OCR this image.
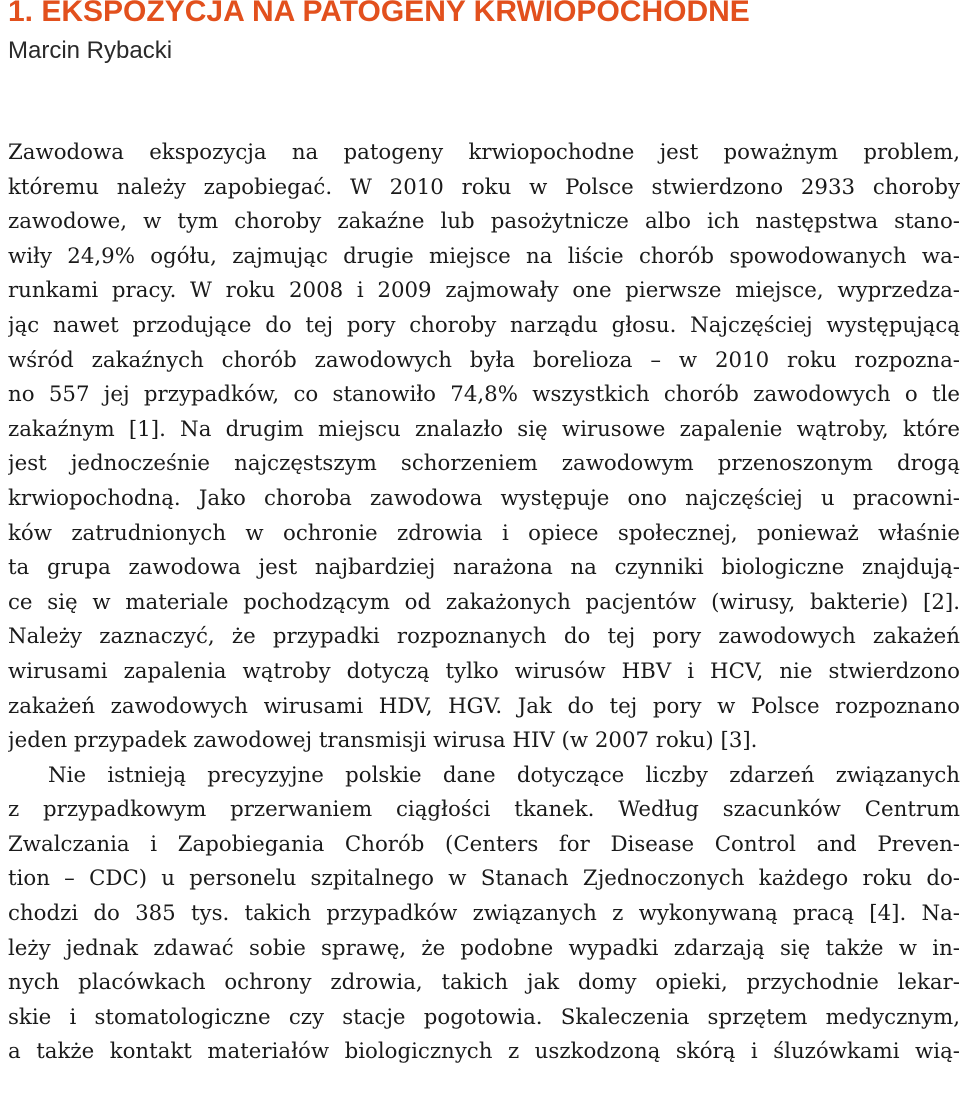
1. EKSPOZYCJA NA PATOGENY KRWIOPOCHODNE
Marcin Rybacki
Zawodowa ekspozycja na patogeny krwiopochodne jest poważnym problem,
któremu należy zapobiegać. W 2010 roku w Polsce stwierdzono 2933 choroby
zawodowe, w tym choroby zakaźne lub pasożytnicze albo ich następstwa stano-
wiły 24,9% ogółu, zajmując drugie miejsce na liście chorób spowodowanych wa-
runkami pracy. W roku 2008 i 2009 zajmowały one pierwsze miejsce, wyprzedza-
jąc nawet przodujące do tej pory choroby narządu głosu. Najczęściej występującą
wśród zakaźnych chorób zawodowych była borelioza – w 2010 roku rozpozna-
no 557 jej przypadków, co stanowiło 74,8% wszystkich chorób zawodowych o tle
zakaźnym [1]. Na drugim miejscu znalazło się wirusowe zapalenie wątroby, które
jest jednocześnie najczęstszym schorzeniem zawodowym przenoszonym drogą
krwiopochodną. Jako choroba zawodowa występuje ono najczęściej u pracowni-
ków zatrudnionych w ochronie zdrowia i opiece społecznej, ponieważ właśnie
ta grupa zawodowa jest najbardziej narażona na czynniki biologiczne znajdują-
ce się w materiale pochodzącym od zakażonych pacjentów (wirusy, bakterie) [2].
Należy zaznaczyć, że przypadki rozpoznanych do tej pory zawodowych zakażeń
wirusami zapalenia wątroby dotyczą tylko wirusów HBV i HCV, nie stwierdzono
zakażeń zawodowych wirusami HDV, HGV. Jak do tej pory w Polsce rozpoznano
jeden przypadek zawodowej transmisji wirusa HIV (w 2007 roku) [3].
Nie istnieją precyzyjne polskie dane dotyczące liczby zdarzeń związanych
z przypadkowym przerwaniem ciągłości tkanek. Według szacunków Centrum
Zwalczania i Zapobiegania Chorób (Centers for Disease Control and Preven-
tion – CDC) u personelu szpitalnego w Stanach Zjednoczonych każdego roku do-
chodzi do 385 tys. takich przypadków związanych z wykonywaną pracą [4]. Na-
leży jednak zdawać sobie sprawę, że podobne wypadki zdarzają się także w in-
nych placówkach ochrony zdrowia, takich jak domy opieki, przychodnie lekar-
skie i stomatologiczne czy stacje pogotowia. Skaleczenia sprzętem medycznym,
a także kontakt materiałów biologicznych z uszkodzoną skórą i śluzówkami wią-
